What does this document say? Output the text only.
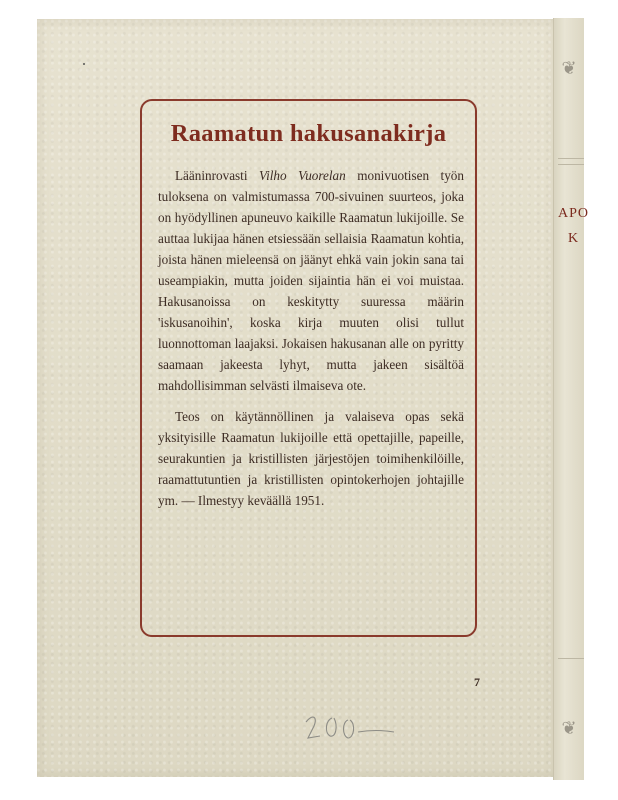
❦
APO
K
❦
Raamatun hakusanakirja

Lääninrovasti Vilho Vuorelan monivuotisen työn tuloksena on valmistumassa 700-sivuinen suurteos, joka on hyödyllinen apuneuvo kaikille Raamatun lukijoille. Se auttaa lukijaa hänen etsiessään sellaisia Raamatun kohtia, joista hänen mieleensä on jäänyt ehkä vain jokin sana tai useampiakin, mutta joiden sijaintia hän ei voi muistaa. Hakusanoissa on keskitytty suuressa määrin 'iskusanoihin', koska kirja muuten olisi tullut luonnottoman laajaksi. Jokaisen hakusanan alle on pyritty saamaan jakeesta lyhyt, mutta jakeen sisältöä mahdollisimman selvästi ilmaiseva ote.

Teos on käytännöllinen ja valaiseva opas sekä yksityisille Raamatun lukijoille että opettajille, papeille, seurakuntien ja kristillisten järjestöjen toimihenkilöille, raamattutuntien ja kristillisten opintokerhojen johtajille ym. — Ilmestyy keväällä 1951.

7
